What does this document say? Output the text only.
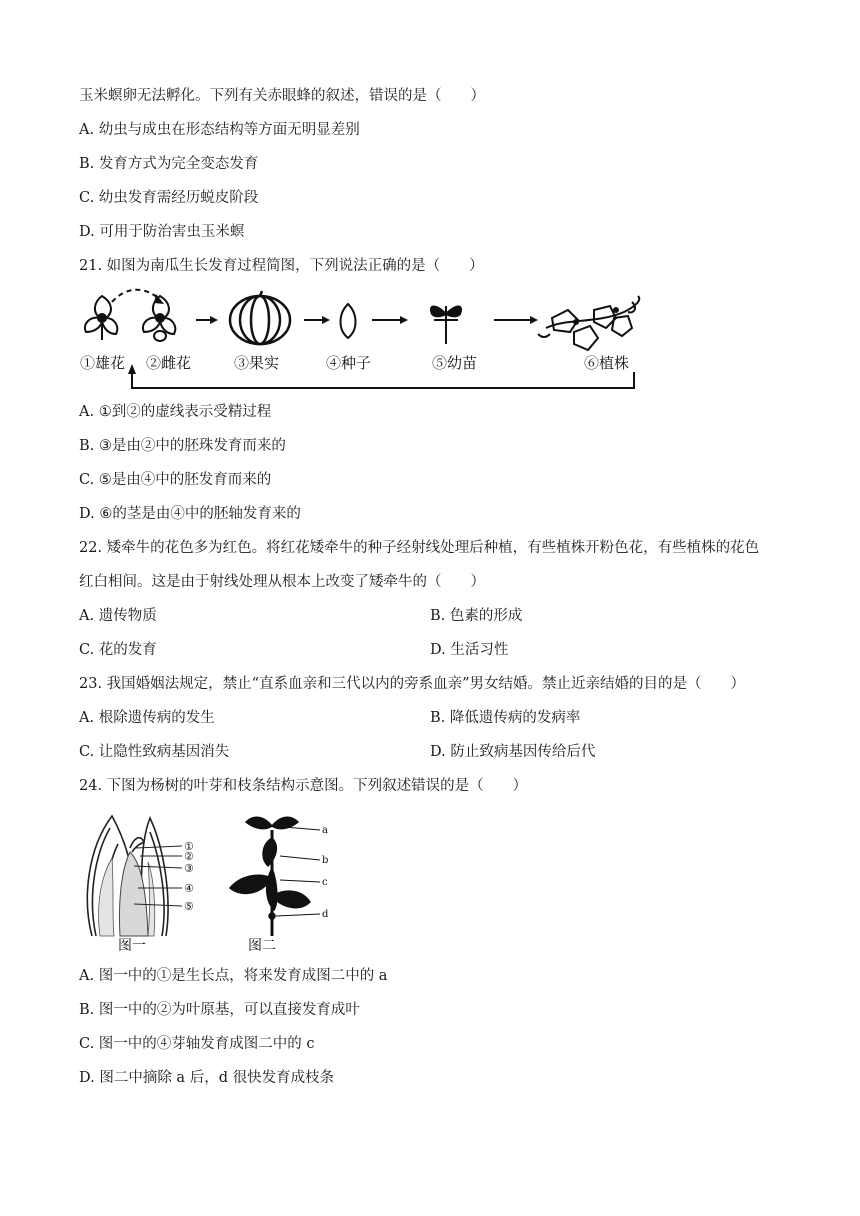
玉米螟卵无法孵化。下列有关赤眼蜂的叙述，错误的是（　　）
A. 幼虫与成虫在形态结构等方面无明显差别
B. 发育方式为完全变态发育
C. 幼虫发育需经历蜕皮阶段
D. 可用于防治害虫玉米螟
21. 如图为南瓜生长发育过程简图，下列说法正确的是（　　）
①雄花 ②雌花	③果实	④种子	⑤幼苗	⑥植株
A. ①到②的虚线表示受精过程
B. ③是由②中的胚珠发育而来的
C. ⑤是由④中的胚发育而来的
D. ⑥的茎是由④中的胚轴发育来的
22. 矮牵牛的花色多为红色。将红花矮牵牛的种子经射线处理后种植，有些植株开粉色花，有些植株的花色
红白相间。这是由于射线处理从根本上改变了矮牵牛的（　　）
A. 遗传物质	B. 色素的形成
C. 花的发育	D. 生活习性
23. 我国婚姻法规定，禁止“直系血亲和三代以内的旁系血亲”男女结婚。禁止近亲结婚的目的是（　　）
A. 根除遗传病的发生	B. 降低遗传病的发病率
C. 让隐性致病基因消失	D. 防止致病基因传给后代
24. 下图为杨树的叶芽和枝条结构示意图。下列叙述错误的是（　　）
①
②
③
④
⑤
图一
a
b
c
d
图二
A. 图一中的①是生长点，将来发育成图二中的 a
B. 图一中的②为叶原基，可以直接发育成叶
C. 图一中的④芽轴发育成图二中的 c
D. 图二中摘除 a 后，d 很快发育成枝条
